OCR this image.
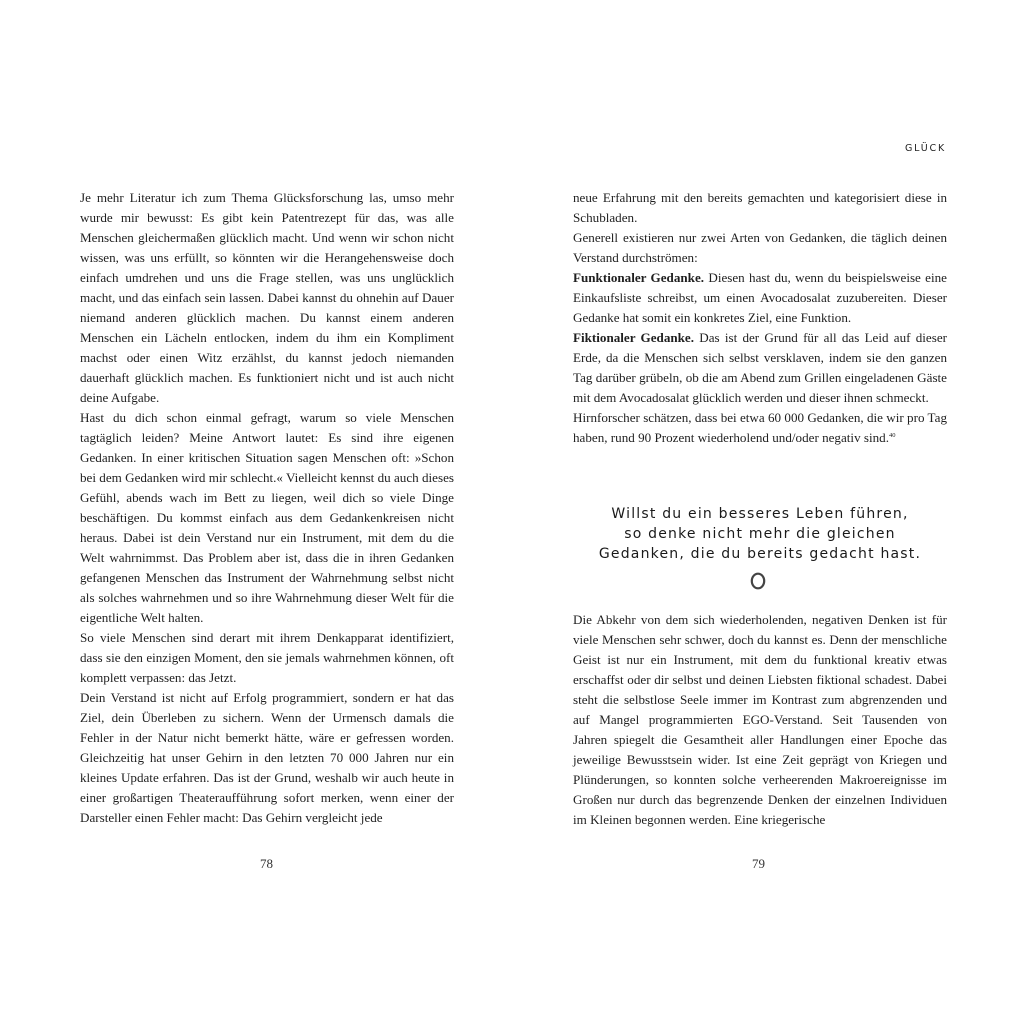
Je mehr Literatur ich zum Thema Glücksforschung las, umso mehr wurde mir bewusst: Es gibt kein Patentrezept für das, was alle Menschen gleichermaßen glücklich macht. Und wenn wir schon nicht wissen, was uns erfüllt, so könnten wir die Herangehensweise doch einfach umdrehen und uns die Frage stellen, was uns unglücklich macht, und das einfach sein lassen. Dabei kannst du ohnehin auf Dauer niemand anderen glücklich machen. Du kannst einem anderen Menschen ein Lächeln entlocken, indem du ihm ein Kompliment machst oder einen Witz erzählst, du kannst jedoch niemanden dauerhaft glücklich machen. Es funktioniert nicht und ist auch nicht deine Aufgabe.

Hast du dich schon einmal gefragt, warum so viele Menschen tagtäglich leiden? Meine Antwort lautet: Es sind ihre eigenen Gedanken. In einer kritischen Situation sagen Menschen oft: »Schon bei dem Gedanken wird mir schlecht.« Vielleicht kennst du auch dieses Gefühl, abends wach im Bett zu liegen, weil dich so viele Dinge beschäftigen. Du kommst einfach aus dem Gedankenkreisen nicht heraus. Dabei ist dein Verstand nur ein Instrument, mit dem du die Welt wahrnimmst. Das Problem aber ist, dass die in ihren Gedanken gefangenen Menschen das Instrument der Wahrnehmung selbst nicht als solches wahrnehmen und so ihre Wahrnehmung dieser Welt für die eigentliche Welt halten.

So viele Menschen sind derart mit ihrem Denkapparat identifiziert, dass sie den einzigen Moment, den sie jemals wahrnehmen können, oft komplett verpassen: das Jetzt.

Dein Verstand ist nicht auf Erfolg programmiert, sondern er hat das Ziel, dein Überleben zu sichern. Wenn der Urmensch damals die Fehler in der Natur nicht bemerkt hätte, wäre er gefressen worden. Gleichzeitig hat unser Gehirn in den letzten 70 000 Jahren nur ein kleines Update erfahren. Das ist der Grund, weshalb wir auch heute in einer großartigen Theateraufführung sofort merken, wenn einer der Darsteller einen Fehler macht: Das Gehirn vergleicht jede

78
GLÜCK

neue Erfahrung mit den bereits gemachten und kategorisiert diese in Schubladen.

Generell existieren nur zwei Arten von Gedanken, die täglich deinen Verstand durchströmen:

Funktionaler Gedanke. Diesen hast du, wenn du beispielsweise eine Einkaufsliste schreibst, um einen Avocadosalat zuzubereiten. Dieser Gedanke hat somit ein konkretes Ziel, eine Funktion.

Fiktionaler Gedanke. Das ist der Grund für all das Leid auf dieser Erde, da die Menschen sich selbst versklaven, indem sie den ganzen Tag darüber grübeln, ob die am Abend zum Grillen eingeladenen Gäste mit dem Avocadosalat glücklich werden und dieser ihnen schmeckt.

Hirnforscher schätzen, dass bei etwa 60 000 Gedanken, die wir pro Tag haben, rund 90 Prozent wiederholend und/oder negativ sind.$^{40}$

Willst du ein besseres Leben führen,
so denke nicht mehr die gleichen
Gedanken, die du bereits gedacht hast.

Die Abkehr von dem sich wiederholenden, negativen Denken ist für viele Menschen sehr schwer, doch du kannst es. Denn der menschliche Geist ist nur ein Instrument, mit dem du funktional kreativ etwas erschaffst oder dir selbst und deinen Liebsten fiktional schadest. Dabei steht die selbstlose Seele immer im Kontrast zum abgrenzenden und auf Mangel programmierten EGO-Verstand. Seit Tausenden von Jahren spiegelt die Gesamtheit aller Handlungen einer Epoche das jeweilige Bewusstsein wider. Ist eine Zeit geprägt von Kriegen und Plünderungen, so konnten solche verheerenden Makroereignisse im Großen nur durch das begrenzende Denken der einzelnen Individuen im Kleinen begonnen werden. Eine kriegerische

79
